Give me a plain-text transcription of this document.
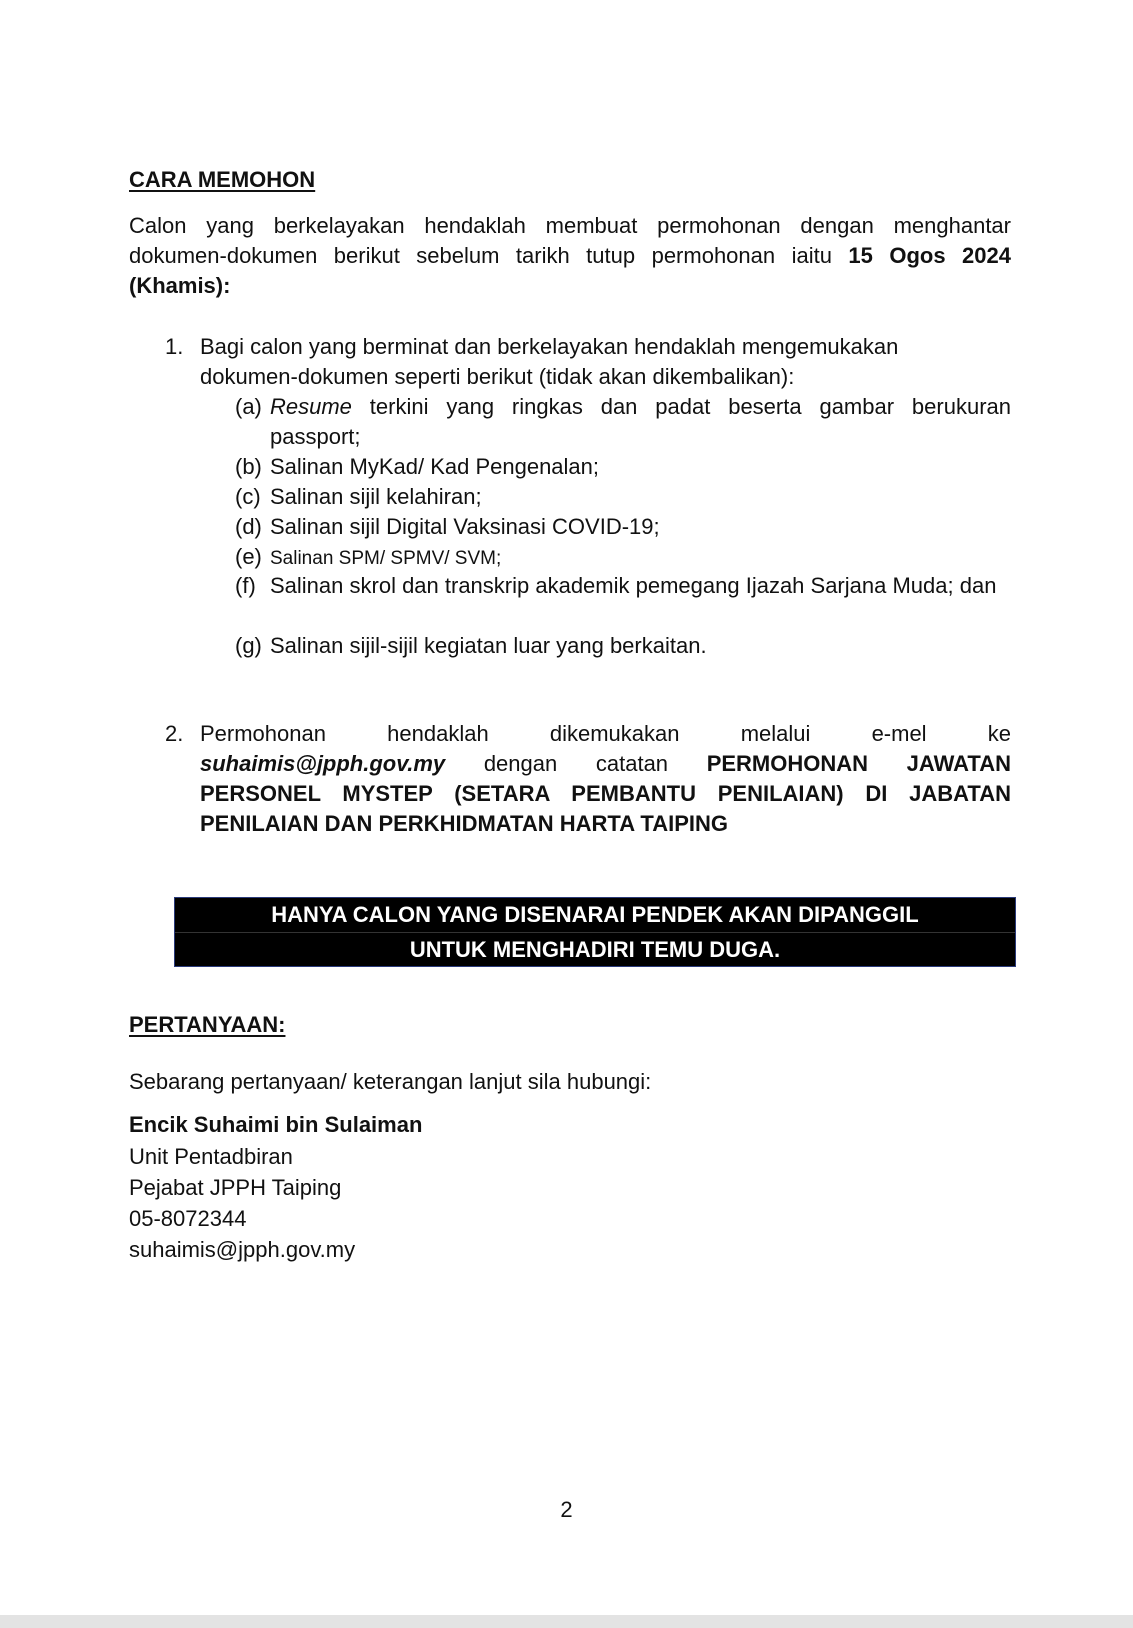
CARA MEMOHON
Calon yang berkelayakan hendaklah membuat permohonan dengan menghantar dokumen-dokumen berikut sebelum tarikh tutup permohonan iaitu 15 Ogos 2024 (Khamis):
1. Bagi calon yang berminat dan berkelayakan hendaklah mengemukakan
dokumen-dokumen seperti berikut (tidak akan dikembalikan):
(a) Resume terkini yang ringkas dan padat beserta gambar berukuran passport;
(b) Salinan MyKad/ Kad Pengenalan;
(c) Salinan sijil kelahiran;
(d) Salinan sijil Digital Vaksinasi COVID-19;
(e) Salinan SPM/ SPMV/ SVM;
(f) Salinan skrol dan transkrip akademik pemegang Ijazah Sarjana Muda; dan
(g) Salinan sijil-sijil kegiatan luar yang berkaitan.
2. Permohonan	hendaklah	dikemukakan	melalui	e-mel	ke
suhaimis@jpph.gov.my dengan catatan PERMOHONAN JAWATAN
PERSONEL MYSTEP (SETARA PEMBANTU PENILAIAN) DI JABATAN
PENILAIAN DAN PERKHIDMATAN HARTA TAIPING
HANYA CALON YANG DISENARAI PENDEK AKAN DIPANGGIL
UNTUK MENGHADIRI TEMU DUGA.
PERTANYAAN:
Sebarang pertanyaan/ keterangan lanjut sila hubungi:
Encik Suhaimi bin Sulaiman
Unit Pentadbiran
Pejabat JPPH Taiping
05-8072344
suhaimis@jpph.gov.my
2
